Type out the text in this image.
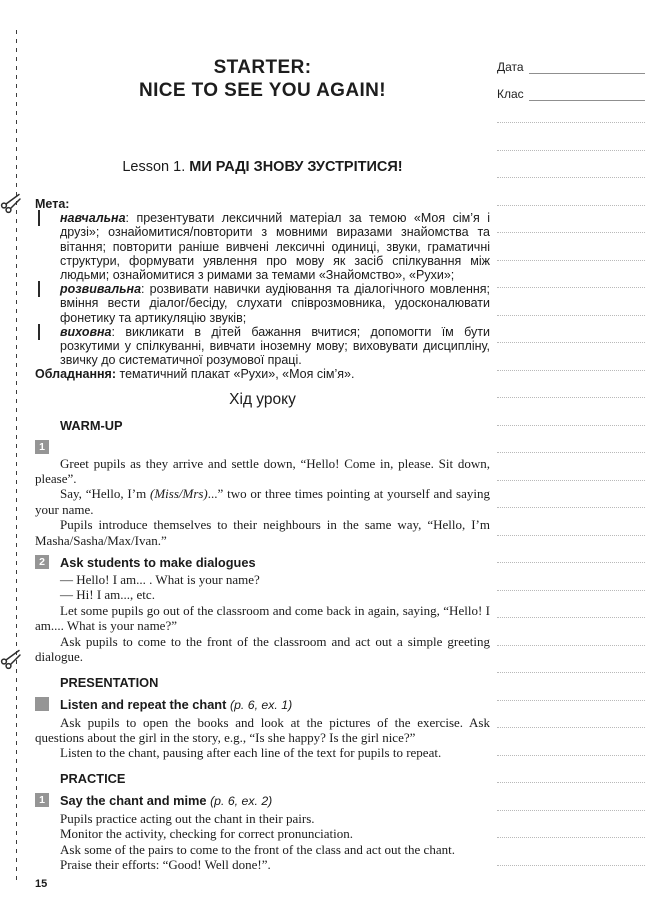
STARTER:
NICE TO SEE YOU AGAIN!
Lesson 1. МИ РАДІ ЗНОВУ ЗУСТРІТИСЯ!
Мета:
навчальна: презентувати лексичний матеріал за темою «Моя сім’я і друзі»; ознайомитися/повторити з мовними виразами знайомства та вітання; повторити раніше вивчені лексичні одиниці, звуки, граматичні структури, формувати уявлення про мову як засіб спілкування між людьми; ознайомитися з римами за темами «Знайомство», «Рухи»;
розвивальна: розвивати навички аудіювання та діалогічного мовлення; вміння вести діалог/бесіду, слухати співрозмовника, удосконалювати фонетику та артикуляцію звуків;
виховна: викликати в дітей бажання вчитися; допомогти їм бути розкутими у спілкуванні, вивчати іноземну мову; виховувати дисципліну, звичку до систематичної розумової праці.
Обладнання: тематичний плакат «Рухи», «Моя сім’я».
Хід уроку
WARM-UP
1

Greet pupils as they arrive and settle down, “Hello! Come in, please. Sit down, please”.

Say, “Hello, I’m (Miss/Mrs)...” two or three times pointing at yourself and saying your name.

Pupils introduce themselves to their neighbours in the same way, “Hello, I’m Masha/Sasha/Max/Ivan.”

2	Ask students to make dialogues

— Hello! I am... . What is your name?

— Hi! I am..., etc.

Let some pupils go out of the classroom and come back in again, saying, “Hello! I am.... What is your name?”

Ask pupils to come to the front of the classroom and act out a simple greeting dialogue.

PRESENTATION
Listen and repeat the chant (p. 6, ex. 1)

Ask pupils to open the books and look at the pictures of the exercise. Ask questions about the girl in the story, e.g., “Is she happy? Is the girl nice?”

Listen to the chant, pausing after each line of the text for pupils to repeat.

PRACTICE
1	Say the chant and mime (p. 6, ex. 2)

Pupils practice acting out the chant in their pairs.

Monitor the activity, checking for correct pronunciation.

Ask some of the pairs to come to the front of the class and act out the chant.

Praise their efforts: “Good! Well done!”.

15
Дата
Клас
